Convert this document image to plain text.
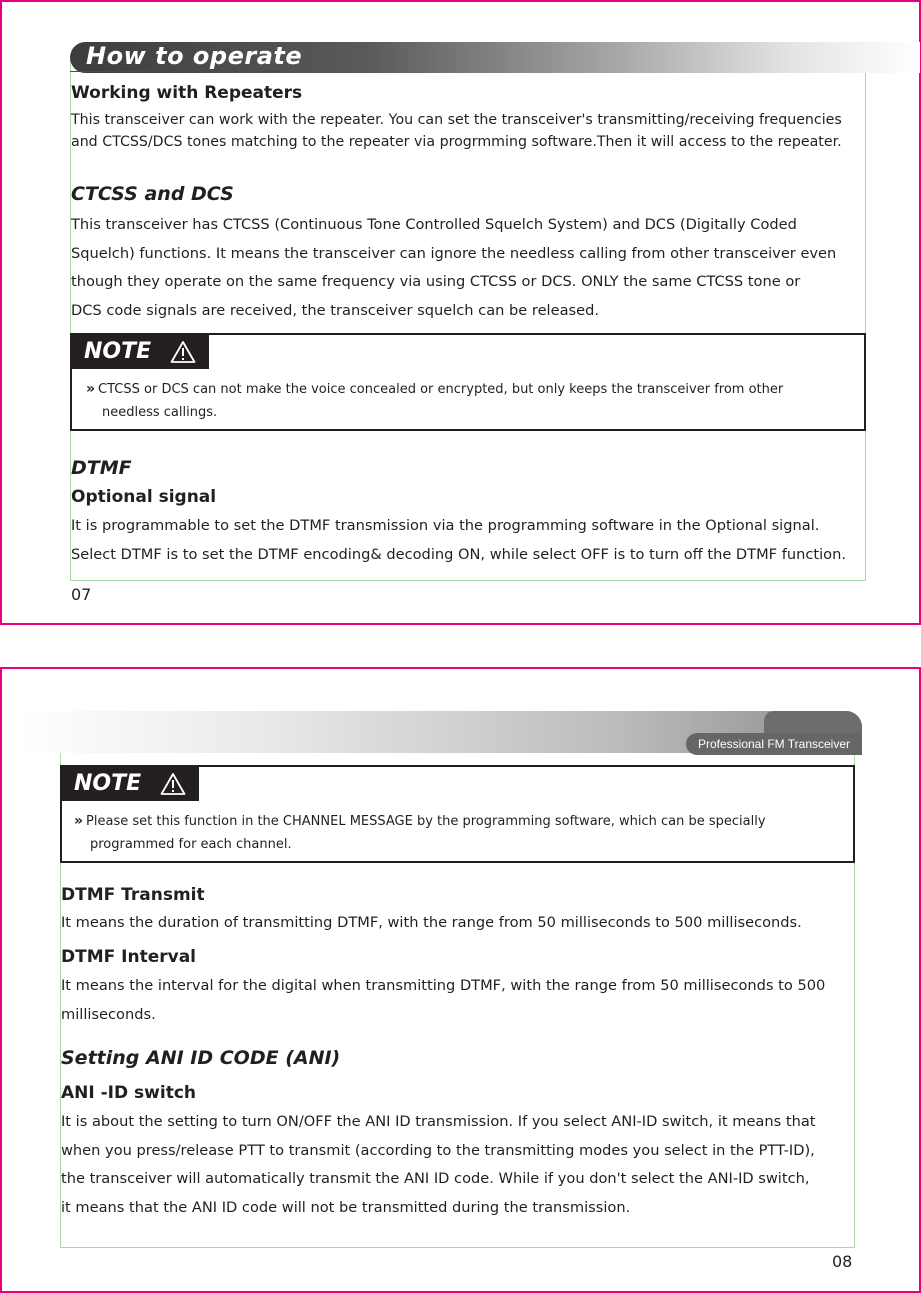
How to operate
Working with Repeaters
This transceiver can work with the repeater. You can set the transceiver's transmitting/receiving frequencies
and CTCSS/DCS tones matching to the repeater via progrmming software.Then it will access to the repeater.
CTCSS and DCS
This transceiver has CTCSS (Continuous Tone Controlled Squelch System) and DCS (Digitally Coded
Squelch) functions. It means the transceiver can ignore the needless calling from other transceiver even
though they operate on the same frequency via using CTCSS or DCS. ONLY the same CTCSS tone or
DCS code signals are received, the transceiver squelch can be released.
NOTE
» CTCSS or DCS can not make the voice concealed or encrypted, but only keeps the transceiver from other
needless callings.
DTMF
Optional signal
It is programmable to set the DTMF transmission via the programming software in the Optional signal.
Select DTMF is to set the DTMF encoding& decoding ON, while select OFF is to turn off the DTMF function.
07
Professional FM Transceiver
NOTE
» Please set this function in the CHANNEL MESSAGE by the programming software, which can be specially
programmed for each channel.
DTMF Transmit
It means the duration of transmitting DTMF, with the range from 50 milliseconds to 500 milliseconds.
DTMF Interval
It means the interval for the digital when transmitting DTMF, with the range from 50 milliseconds to 500
milliseconds.
Setting ANI ID CODE (ANI)
ANI -ID switch
It is about the setting to turn ON/OFF the ANI ID transmission. If you select ANI-ID switch, it means that
when you press/release PTT to transmit (according to the transmitting modes you select in the PTT-ID),
the transceiver will automatically transmit the ANI ID code. While if you don't select the ANI-ID switch,
it means that the ANI ID code will not be transmitted during the transmission.
08
